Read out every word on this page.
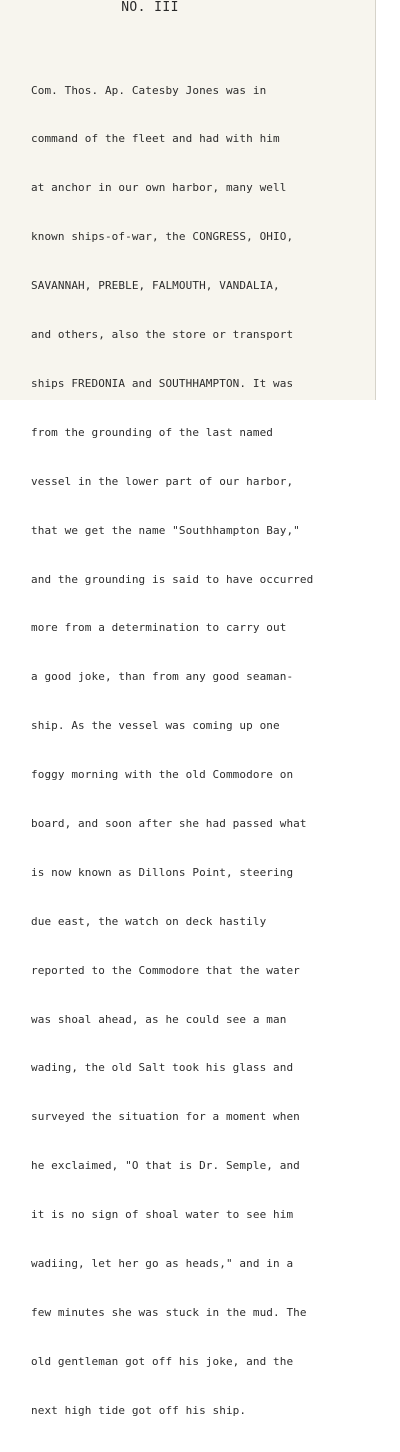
NO. III

Com. Thos. Ap. Catesby Jones was in

command of the fleet and had with him

at anchor in our own harbor, many well

known ships-of-war, the CONGRESS, OHIO,

SAVANNAH, PREBLE, FALMOUTH, VANDALIA,

and others, also the store or transport

ships FREDONIA and SOUTHHAMPTON. It was

from the grounding of the last named

vessel in the lower part of our harbor,

that we get the name "Southhampton Bay,"

and the grounding is said to have occurred

more from a determination to carry out

a good joke, than from any good seaman-

ship. As the vessel was coming up one

foggy morning with the old Commodore on

board, and soon after she had passed what

is now known as Dillons Point, steering

due east, the watch on deck hastily

reported to the Commodore that the water

was shoal ahead, as he could see a man

wading, the old Salt took his glass and

surveyed the situation for a moment when

he exclaimed, "O that is Dr. Semple, and

it is no sign of shoal water to see him

wadiing, let her go as heads," and in a

few minutes she was stuck in the mud. The

old gentleman got off his joke, and the

next high tide got off his ship.
